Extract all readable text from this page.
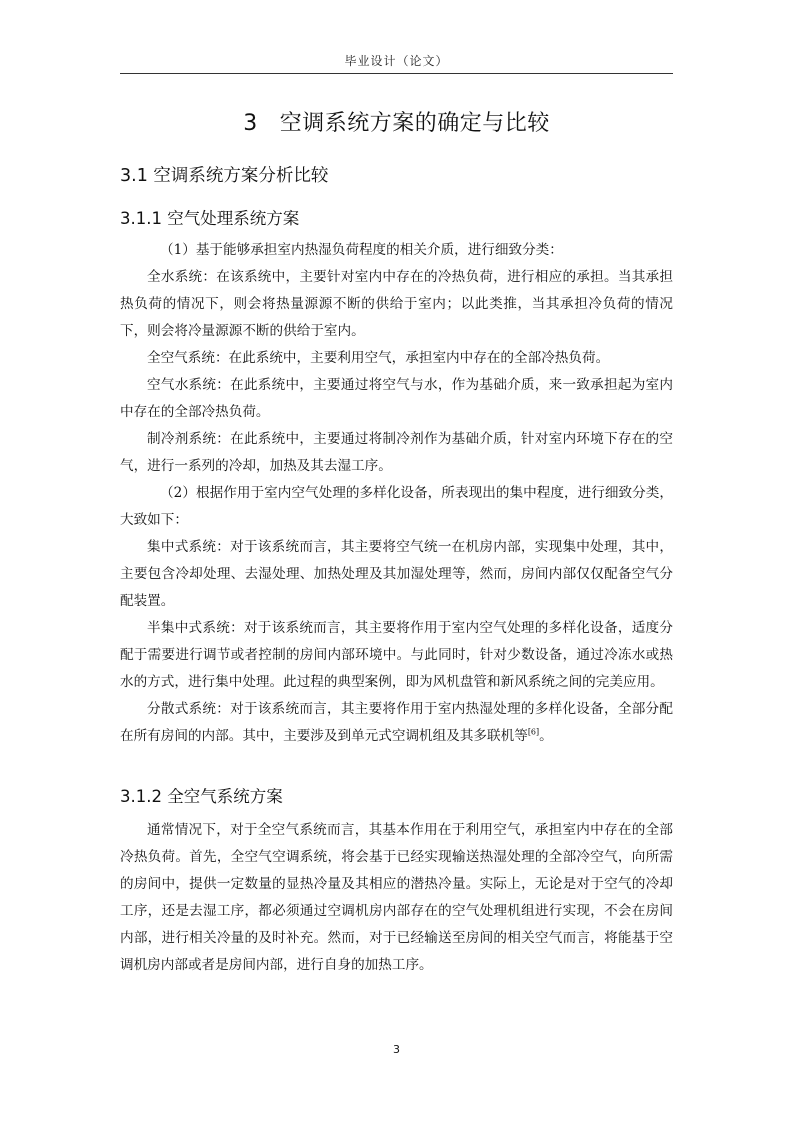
毕业设计（论文）
3 空调系统方案的确定与比较
3.1 空调系统方案分析比较
3.1.1 空气处理系统方案

（1）基于能够承担室内热湿负荷程度的相关介质，进行细致分类：

全水系统：在该系统中，主要针对室内中存在的冷热负荷，进行相应的承担。当其承担热负荷的情况下，则会将热量源源不断的供给于室内；以此类推，当其承担冷负荷的情况下，则会将冷量源源不断的供给于室内。

全空气系统：在此系统中，主要利用空气，承担室内中存在的全部冷热负荷。

空气水系统：在此系统中，主要通过将空气与水，作为基础介质，来一致承担起为室内中存在的全部冷热负荷。

制冷剂系统：在此系统中，主要通过将制冷剂作为基础介质，针对室内环境下存在的空气，进行一系列的冷却，加热及其去湿工序。

（2）根据作用于室内空气处理的多样化设备，所表现出的集中程度，进行细致分类，大致如下：

集中式系统：对于该系统而言，其主要将空气统一在机房内部，实现集中处理，其中，主要包含冷却处理、去湿处理、加热处理及其加湿处理等，然而，房间内部仅仅配备空气分配装置。

半集中式系统：对于该系统而言，其主要将作用于室内空气处理的多样化设备，适度分配于需要进行调节或者控制的房间内部环境中。与此同时，针对少数设备，通过冷冻水或热水的方式，进行集中处理。此过程的典型案例，即为风机盘管和新风系统之间的完美应用。

分散式系统：对于该系统而言，其主要将作用于室内热湿处理的多样化设备，全部分配在所有房间的内部。其中，主要涉及到单元式空调机组及其多联机等[6]。

3.1.2 全空气系统方案

通常情况下，对于全空气系统而言，其基本作用在于利用空气，承担室内中存在的全部冷热负荷。首先，全空气空调系统，将会基于已经实现输送热湿处理的全部冷空气，向所需的房间中，提供一定数量的显热冷量及其相应的潜热冷量。实际上，无论是对于空气的冷却工序，还是去湿工序，都必须通过空调机房内部存在的空气处理机组进行实现，不会在房间内部，进行相关冷量的及时补充。然而，对于已经输送至房间的相关空气而言，将能基于空调机房内部或者是房间内部，进行自身的加热工序。

3
